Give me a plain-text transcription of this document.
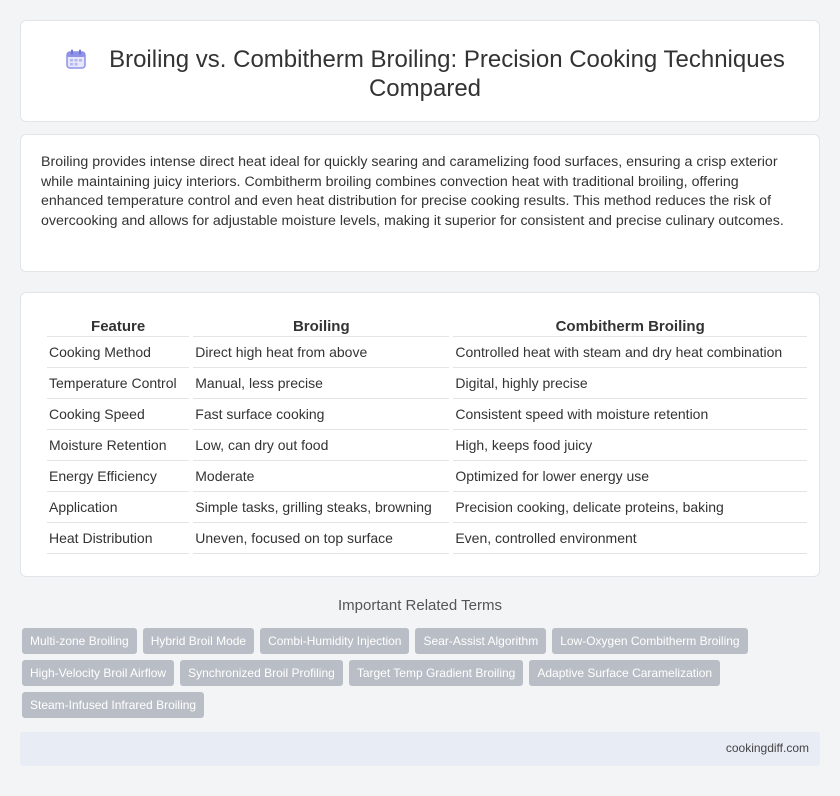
Broiling vs. Combitherm Broiling: Precision Cooking Techniques Compared

Broiling provides intense direct heat ideal for quickly searing and caramelizing food surfaces, ensuring a crisp exterior while maintaining juicy interiors. Combitherm broiling combines convection heat with traditional broiling, offering enhanced temperature control and even heat distribution for precise cooking results. This method reduces the risk of overcooking and allows for adjustable moisture levels, making it superior for consistent and precise culinary outcomes.

Feature	Broiling	Combitherm Broiling
Cooking Method	Direct high heat from above	Controlled heat with steam and dry heat combination
Temperature Control	Manual, less precise	Digital, highly precise
Cooking Speed	Fast surface cooking	Consistent speed with moisture retention
Moisture Retention	Low, can dry out food	High, keeps food juicy
Energy Efficiency	Moderate	Optimized for lower energy use
Application	Simple tasks, grilling steaks, browning	Precision cooking, delicate proteins, baking
Heat Distribution	Uneven, focused on top surface	Even, controlled environment
Important Related Terms
Multi-zone Broiling	Hybrid Broil Mode	Combi-Humidity Injection	Sear-Assist Algorithm	Low-Oxygen Combitherm Broiling
High-Velocity Broil Airflow	Synchronized Broil Profiling	Target Temp Gradient Broiling	Adaptive Surface Caramelization
Steam-Infused Infrared Broiling
cookingdiff.com
